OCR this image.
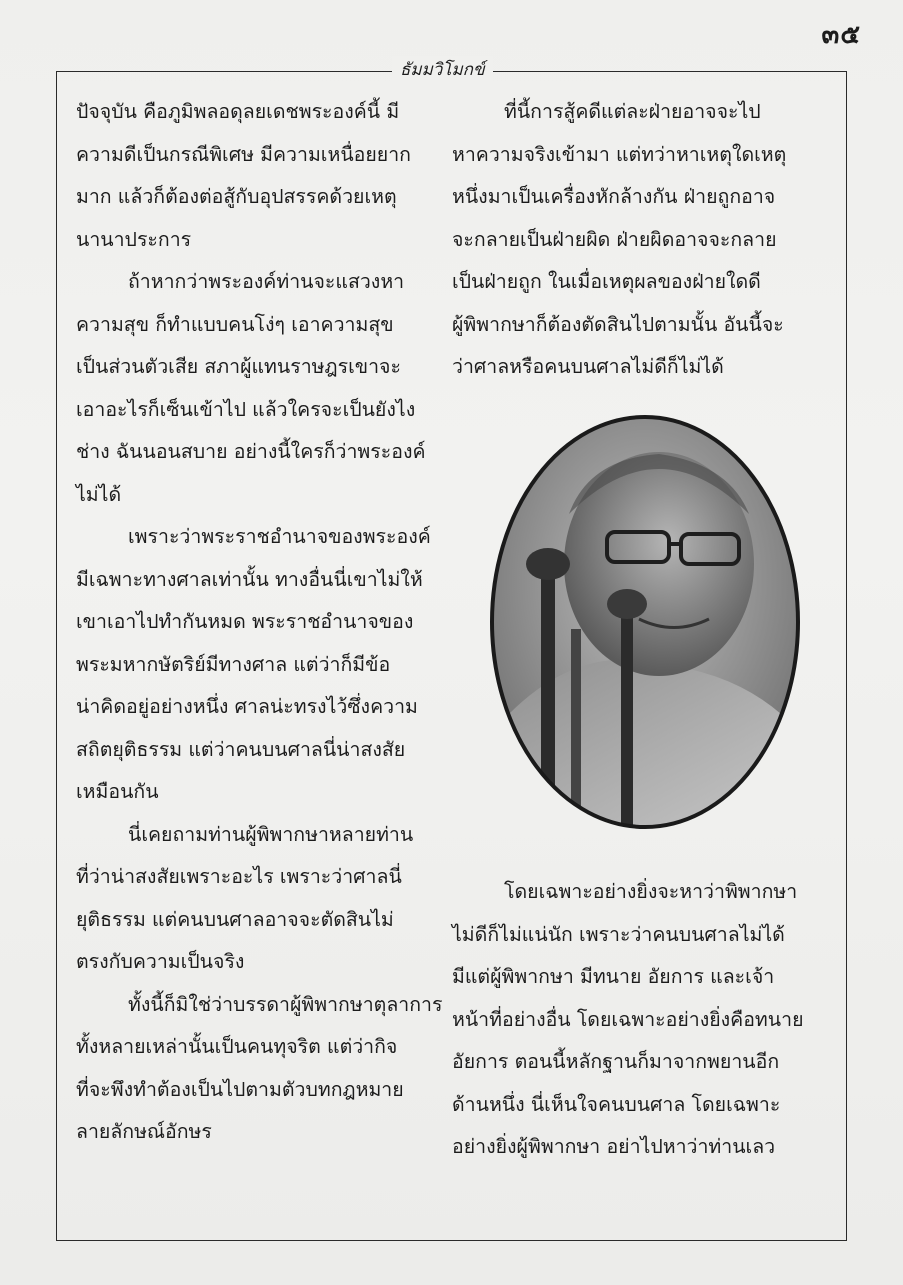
๓๕
ธัมมวิโมกข์

ปัจจุบัน คือภูมิพลอดุลยเดชพระองค์นี้ มี

ความดีเป็นกรณีพิเศษ มีความเหนื่อยยาก

มาก แล้วก็ต้องต่อสู้กับอุปสรรคด้วยเหตุ

นานาประการ

ถ้าหากว่าพระองค์ท่านจะแสวงหา

ความสุข ก็ทำแบบคนโง่ๆ เอาความสุข

เป็นส่วนตัวเสีย สภาผู้แทนราษฎรเขาจะ

เอาอะไรก็เซ็นเข้าไป แล้วใครจะเป็นยังไง

ช่าง ฉันนอนสบาย อย่างนี้ใครก็ว่าพระองค์

ไม่ได้

เพราะว่าพระราชอำนาจของพระองค์

มีเฉพาะทางศาลเท่านั้น ทางอื่นนี่เขาไม่ให้

เขาเอาไปทำกันหมด พระราชอำนาจของ

พระมหากษัตริย์มีทางศาล แต่ว่าก็มีข้อ

น่าคิดอยู่อย่างหนึ่ง ศาลน่ะทรงไว้ซึ่งความ

สถิตยุติธรรม แต่ว่าคนบนศาลนี่น่าสงสัย

เหมือนกัน

นี่เคยถามท่านผู้พิพากษาหลายท่าน

ที่ว่าน่าสงสัยเพราะอะไร เพราะว่าศาลนี่

ยุติธรรม แต่คนบนศาลอาจจะตัดสินไม่

ตรงกับความเป็นจริง

ทั้งนี้ก็มิใช่ว่าบรรดาผู้พิพากษาตุลาการ

ทั้งหลายเหล่านั้นเป็นคนทุจริต แต่ว่ากิจ

ที่จะพึงทำต้องเป็นไปตามตัวบทกฎหมาย

ลายลักษณ์อักษร

ที่นี้การสู้คดีแต่ละฝ่ายอาจจะไป

หาความจริงเข้ามา แต่ทว่าหาเหตุใดเหตุ

หนึ่งมาเป็นเครื่องหักล้างกัน ฝ่ายถูกอาจ

จะกลายเป็นฝ่ายผิด ฝ่ายผิดอาจจะกลาย

เป็นฝ่ายถูก ในเมื่อเหตุผลของฝ่ายใดดี

ผู้พิพากษาก็ต้องตัดสินไปตามนั้น อันนี้จะ

ว่าศาลหรือคนบนศาลไม่ดีก็ไม่ได้

โดยเฉพาะอย่างยิ่งจะหาว่าพิพากษา

ไม่ดีก็ไม่แน่นัก เพราะว่าคนบนศาลไม่ได้

มีแต่ผู้พิพากษา มีทนาย อัยการ และเจ้า

หน้าที่อย่างอื่น โดยเฉพาะอย่างยิ่งคือทนาย

อัยการ ตอนนี้หลักฐานก็มาจากพยานอีก

ด้านหนึ่ง นี่เห็นใจคนบนศาล โดยเฉพาะ

อย่างยิ่งผู้พิพากษา อย่าไปหาว่าท่านเลว
